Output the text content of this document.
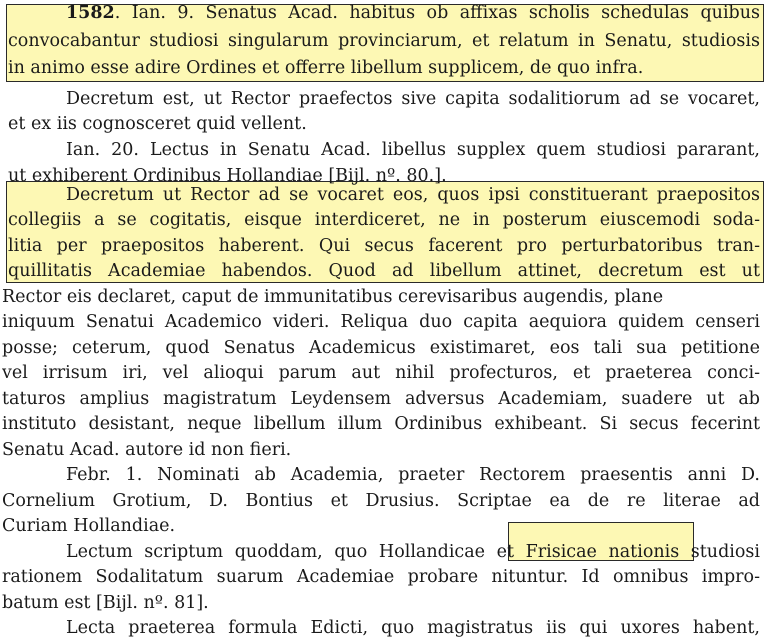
1582. Ian. 9. Senatus Acad. habitus ob affixas scholis schedulas quibus
convocabantur studiosi singularum provinciarum, et relatum in Senatu, studiosis
in animo esse adire Ordines et offerre libellum supplicem, de quo infra.
Decretum est, ut Rector praefectos sive capita sodalitiorum ad se vocaret,
et ex iis cognosceret quid vellent.
Ian. 20. Lectus in Senatu Acad. libellus supplex quem studiosi pararant,
ut exhiberent Ordinibus Hollandiae [Bijl. nº. 80.].
Decretum ut Rector ad se vocaret eos, quos ipsi constituerant praepositos
collegiis a se cogitatis, eisque interdiceret, ne in posterum eiuscemodi soda-
litia per praepositos haberent. Qui secus facerent pro perturbatoribus tran-
quillitatis Academiae habendos. Quod ad libellum attinet, decretum est ut
Rector eis declaret, caput de immunitatibus cerevisaribus augendis, plane
iniquum Senatui Academico videri. Reliqua duo capita aequiora quidem censeri
posse; ceterum, quod Senatus Academicus existimaret, eos tali sua petitione
vel irrisum iri, vel alioqui parum aut nihil profecturos, et praeterea conci-
taturos amplius magistratum Leydensem adversus Academiam, suadere ut ab
instituto desistant, neque libellum illum Ordinibus exhibeant. Si secus fecerint
Senatu Acad. autore id non fieri.
Febr. 1. Nominati ab Academia, praeter Rectorem praesentis anni D.
Cornelium Grotium, D. Bontius et Drusius. Scriptae ea de re literae ad
Curiam Hollandiae.
Lectum scriptum quoddam, quo Hollandicae et Frisicae nationis studiosi
rationem Sodalitatum suarum Academiae probare nituntur. Id omnibus impro-
batum est [Bijl. nº. 81].
Lecta praeterea formula Edicti, quo magistratus iis qui uxores habent,
